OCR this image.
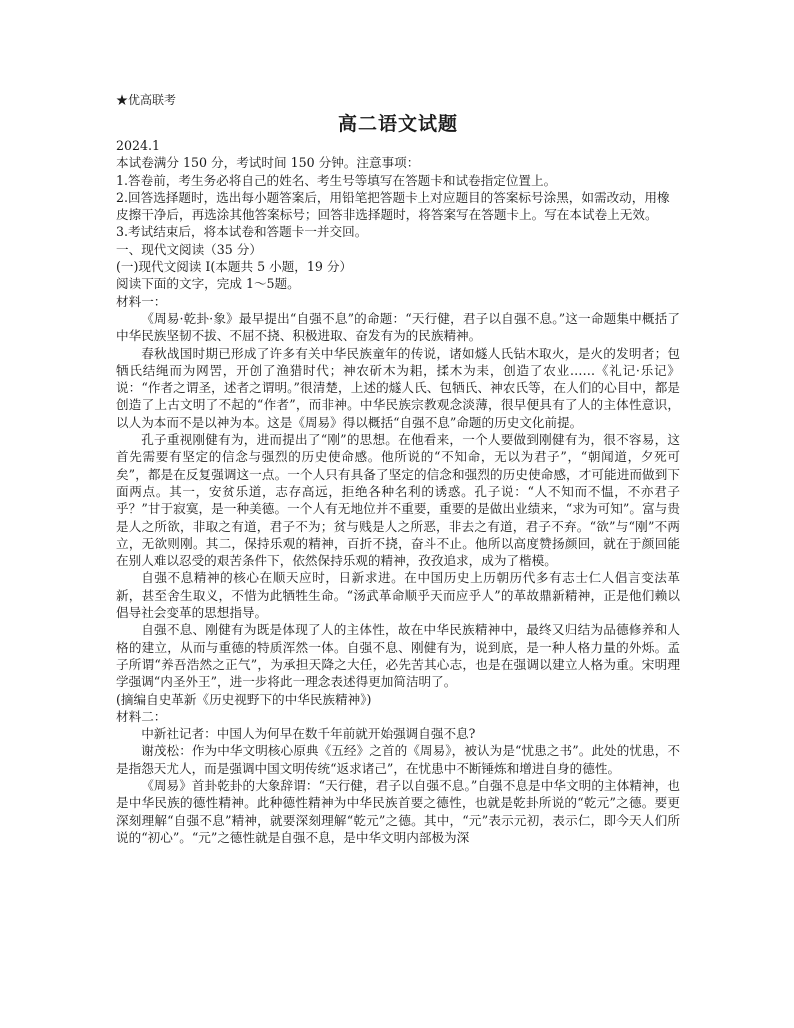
★优高联考
高二语文试题
2024.1
本试卷满分 150 分，考试时间 150 分钟。注意事项：
1.答卷前，考生务必将自己的姓名、考生号等填写在答题卡和试卷指定位置上。
2.回答选择题时，选出每小题答案后，用铅笔把答题卡上对应题目的答案标号涂黑，如需改动，用橡皮擦干净后，再选涂其他答案标号；回答非选择题时，将答案写在答题卡上。写在本试卷上无效。
3.考试结束后，将本试卷和答题卡一并交回。
一、现代文阅读（35 分）
(一)现代文阅读 I(本题共 5 小题，19 分）
阅读下面的文字，完成 1～5题。
材料一：

《周易·乾卦·象》最早提出“自强不息”的命题：“天行健，君子以自强不息。”这一命题集中概括了中华民族坚韧不拔、不屈不挠、积极进取、奋发有为的民族精神。

春秋战国时期已形成了许多有关中华民族童年的传说，诸如燧人氏钻木取火，是火的发明者；包牺氏结绳而为网罟，开创了渔猎时代；神农斫木为耜，揉木为耒，创造了农业……《礼记·乐记》说：“作者之谓圣，述者之谓明。”很清楚，上述的燧人氏、包牺氏、神农氏等，在人们的心目中，都是创造了上古文明了不起的“作者”，而非神。中华民族宗教观念淡薄，很早便具有了人的主体性意识，以人为本而不是以神为本。这是《周易》得以概括“自强不息”命题的历史文化前提。

孔子重视刚健有为，进而提出了“刚”的思想。在他看来，一个人要做到刚健有为，很不容易，这首先需要有坚定的信念与强烈的历史使命感。他所说的“不知命，无以为君子”，“朝闻道，夕死可矣”，都是在反复强调这一点。一个人只有具备了坚定的信念和强烈的历史使命感，才可能进而做到下面两点。其一，安贫乐道，志存高远，拒绝各种名利的诱惑。孔子说：“人不知而不愠，不亦君子乎？”甘于寂寞，是一种美德。一个人有无地位并不重要，重要的是做出业绩来，“求为可知”。富与贵是人之所欲，非取之有道，君子不为；贫与贱是人之所恶，非去之有道，君子不弃。“欲”与“刚”不两立，无欲则刚。其二，保持乐观的精神，百折不挠，奋斗不止。他所以高度赞扬颜回，就在于颜回能在别人难以忍受的艰苦条件下，依然保持乐观的精神，孜孜追求，成为了楷模。

自强不息精神的核心在顺天应时，日新求进。在中国历史上历朝历代多有志士仁人倡言变法革新，甚至舍生取义，不惜为此牺牲生命。“汤武革命顺乎天而应乎人”的革故鼎新精神，正是他们赖以倡导社会变革的思想指导。

自强不息、刚健有为既是体现了人的主体性，故在中华民族精神中，最终又归结为品德修养和人格的建立，从而与重德的特质浑然一体。自强不息、刚健有为，说到底，是一种人格力量的外烁。孟子所谓“养吾浩然之正气”，为承担天降之大任，必先苦其心志，也是在强调以建立人格为重。宋明理学强调“内圣外王”，进一步将此一理念表述得更加简洁明了。

(摘编自史革新《历史视野下的中华民族精神》)
材料二：

中新社记者：中国人为何早在数千年前就开始强调自强不息?

谢茂松：作为中华文明核心原典《五经》之首的《周易》，被认为是“忧患之书”。此处的忧患，不是指怨天尤人，而是强调中国文明传统“返求诸己”，在忧患中不断锤炼和增进自身的德性。

《周易》首卦乾卦的大象辞谓：“天行健，君子以自强不息。”自强不息是中华文明的主体精神，也是中华民族的德性精神。此种德性精神为中华民族首要之德性，也就是乾卦所说的“乾元”之德。要更深刻理解“自强不息”精神，就要深刻理解“乾元”之德。其中，“元”表示元初，表示仁，即今天人们所说的“初心”。“元”之德性就是自强不息，是中华文明内部极为深
